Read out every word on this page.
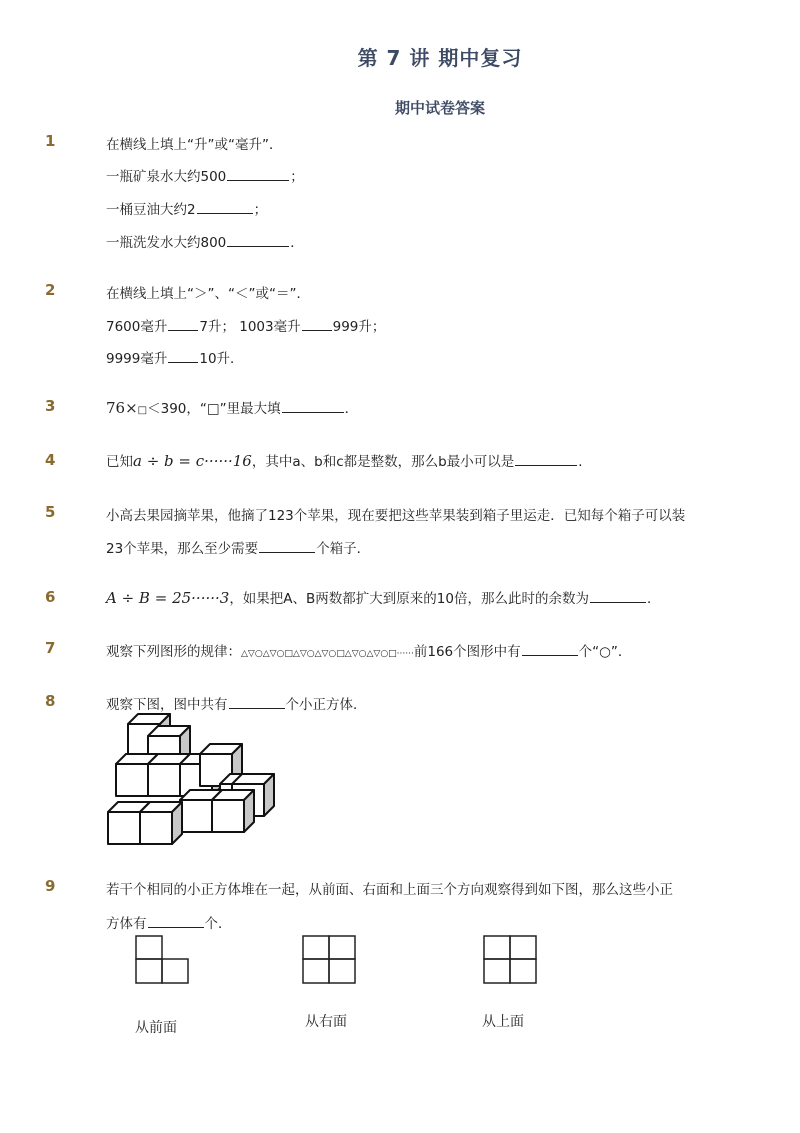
第 7 讲 期中复习
期中试卷答案
1	在横线上填上“升”或“毫升”．
一瓶矿泉水大约500	；
一桶豆油大约2	；
一瓶洗发水大约800	．
2	在横线上填上“＞”、“＜”或“＝”．
7600毫升 7升； 1003毫升 999升；
9999毫升 10升．
3	76×□＜390，“□”里最大填	．
4	已知a ÷ b = c······16，其中a、b和c都是整数，那么b最小可以是	．
5	小高去果园摘苹果，他摘了123个苹果，现在要把这些苹果装到箱子里运走．已知每个箱子可以装
23个苹果，那么至少需要	个箱子．
6	A ÷ B = 25······3，如果把A、B两数都扩大到原来的10倍，那么此时的余数为	．
7	观察下列图形的规律：△▽○△▽○□△▽○△▽○□△▽○△▽○□······前166个图形中有	个“○”．
8	观察下图，图中共有	个小正方体．
9	若干个相同的小正方体堆在一起，从前面、右面和上面三个方向观察得到如下图，那么这些小正
方体有	个．
从前面	从右面	从上面
